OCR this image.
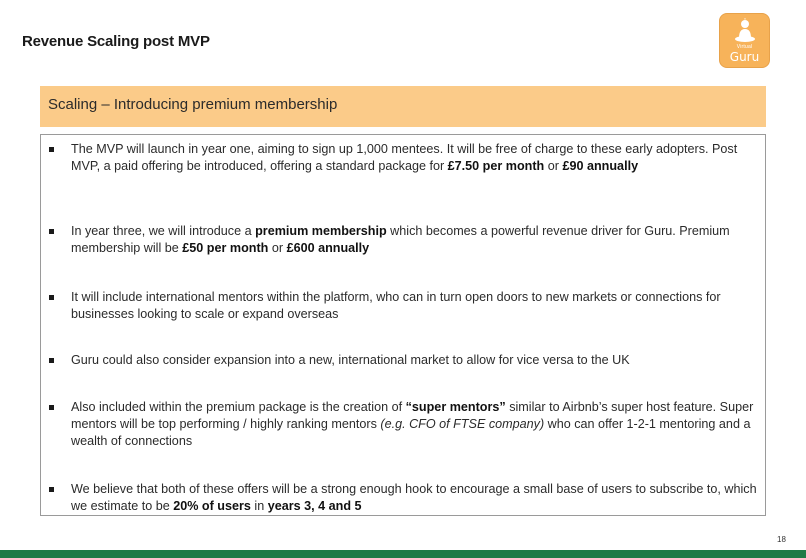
Revenue Scaling post MVP	Virtual
Guru
Scaling – Introducing premium membership
The MVP will launch in year one, aiming to sign up 1,000 mentees. It will be free of charge to these early adopters. Post MVP, a paid offering be introduced, offering a standard package for £7.50 per month or £90 annually
In year three, we will introduce a premium membership which becomes a powerful revenue driver for Guru. Premium membership will be £50 per month or £600 annually
It will include international mentors within the platform, who can in turn open doors to new markets or connections for businesses looking to scale or expand overseas
Guru could also consider expansion into a new, international market to allow for vice versa to the UK
Also included within the premium package is the creation of “super mentors” similar to Airbnb’s super host feature. Super mentors will be top performing / highly ranking mentors (e.g. CFO of FTSE company) who can offer 1-2-1 mentoring and a wealth of connections
We believe that both of these offers will be a strong enough hook to encourage a small base of users to subscribe to, which we estimate to be 20% of users in years 3, 4 and 5
18
